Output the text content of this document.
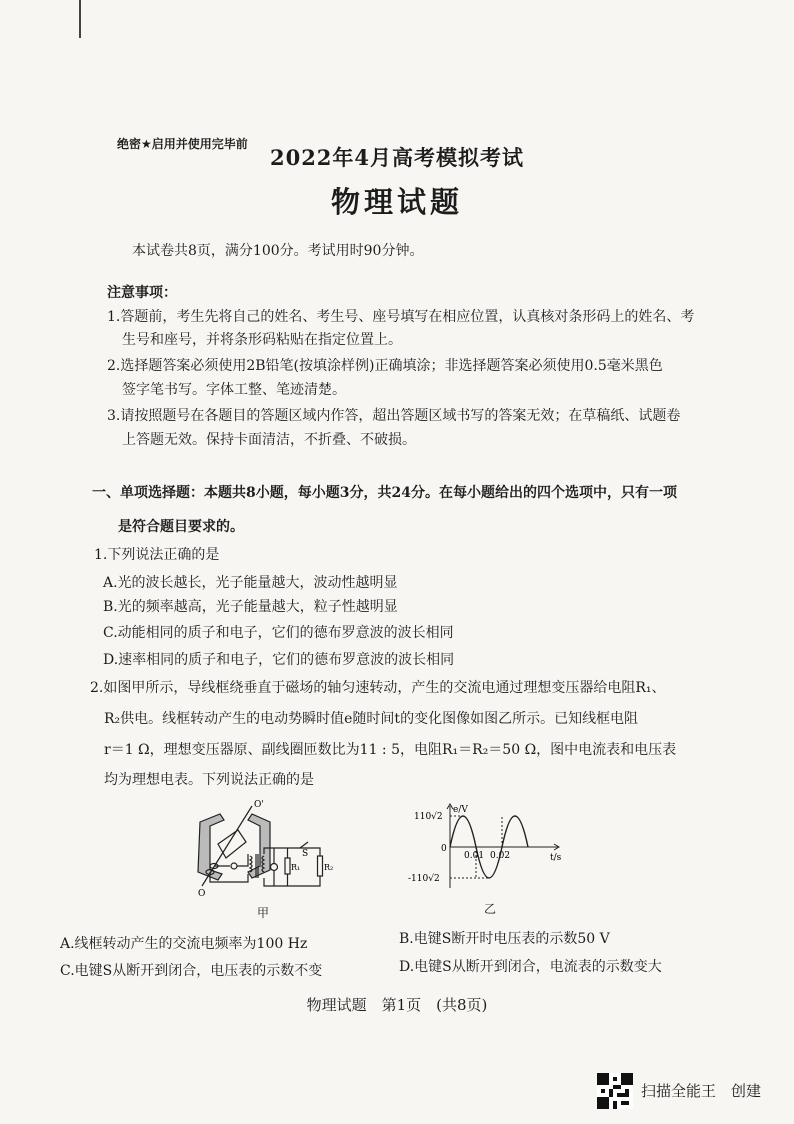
绝密★启用并使用完毕前
2022年4月高考模拟考试
物理试题
本试卷共8页，满分100分。考试用时90分钟。
注意事项：
1.答题前，考生先将自己的姓名、考生号、座号填写在相应位置，认真核对条形码上的姓名、考
生号和座号，并将条形码粘贴在指定位置上。
2.选择题答案必须使用2B铅笔(按填涂样例)正确填涂；非选择题答案必须使用0.5毫米黑色
签字笔书写。字体工整、笔迹清楚。
3.请按照题号在各题目的答题区域内作答，超出答题区域书写的答案无效；在草稿纸、试题卷
上答题无效。保持卡面清洁，不折叠、不破损。
一、单项选择题：本题共8小题，每小题3分，共24分。在每小题给出的四个选项中，只有一项
是符合题目要求的。
1.下列说法正确的是
A.光的波长越长，光子能量越大，波动性越明显
B.光的频率越高，光子能量越大，粒子性越明显
C.动能相同的质子和电子，它们的德布罗意波的波长相同
D.速率相同的质子和电子，它们的德布罗意波的波长相同
2.如图甲所示，导线框绕垂直于磁场的轴匀速转动，产生的交流电通过理想变压器给电阻R₁、
R₂供电。线框转动产生的电动势瞬时值e随时间t的变化图像如图乙所示。已知线框电阻
r＝1 Ω，理想变压器原、副线圈匝数比为11 : 5，电阻R₁＝R₂＝50 Ω，图中电流表和电压表
均为理想电表。下列说法正确的是
O'
O
S
R₁	R₂
甲
e/V
t/s
0
110√2
-110√2
0.01 0.02
乙
A.线框转动产生的交流电频率为100 Hz	B.电键S断开时电压表的示数50 V
C.电键S从断开到闭合，电压表的示数不变	D.电键S从断开到闭合，电流表的示数变大
物理试题　第1页　(共8页)
扫描全能王　创建
